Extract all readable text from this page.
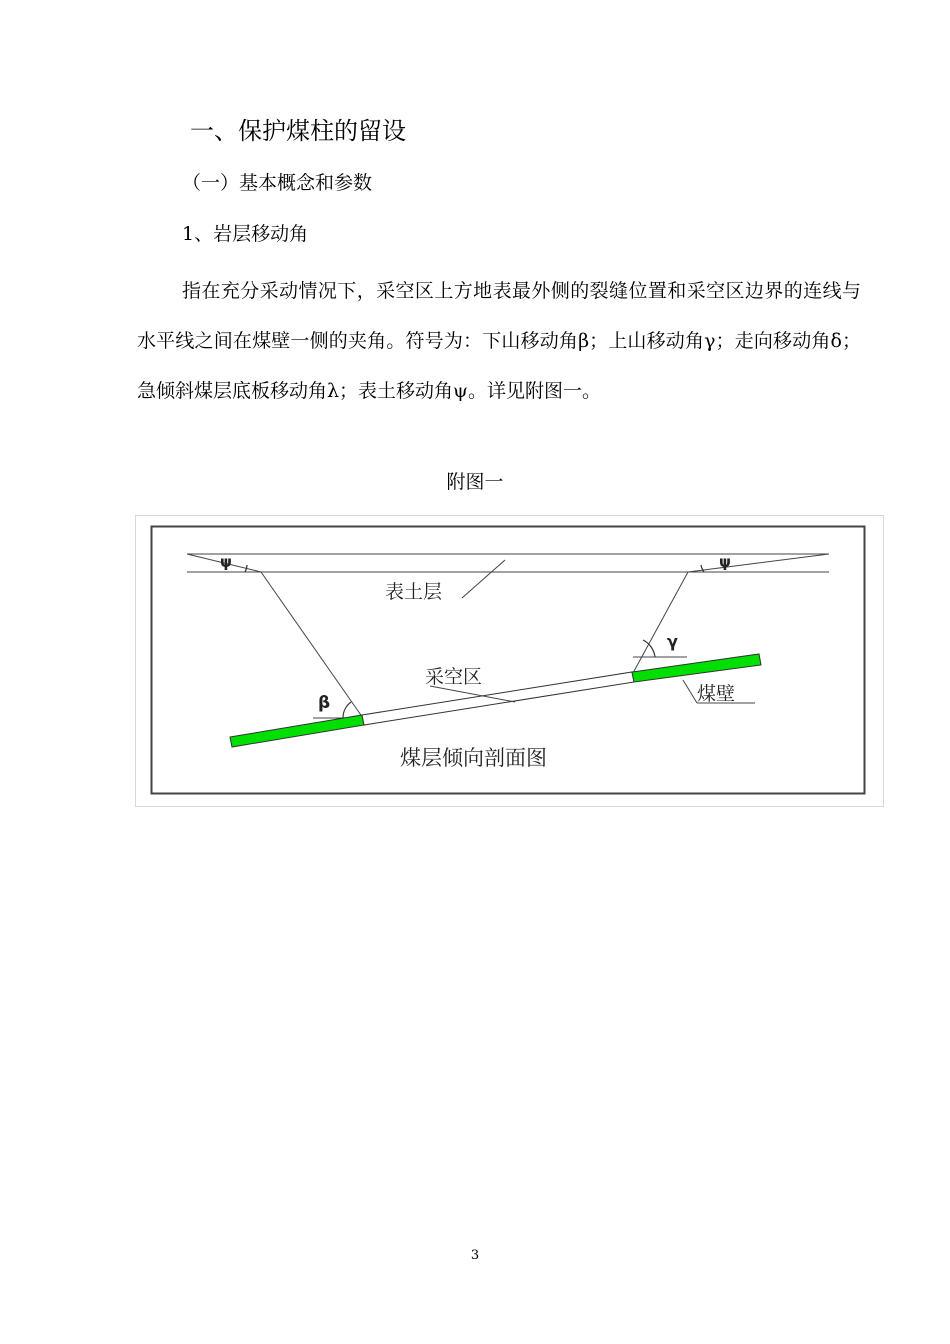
一、保护煤柱的留设
（一）基本概念和参数
1、岩层移动角

指在充分采动情况下，采空区上方地表最外侧的裂缝位置和采空区边界的连线与水平线之间在煤壁一侧的夹角。符号为：下山移动角β；上山移动角γ；走向移动角δ；急倾斜煤层底板移动角λ；表土移动角ψ。详见附图一。

附图一
ψ	ψ
表土层
γ
采空区
β	煤壁
煤层倾向剖面图
3
